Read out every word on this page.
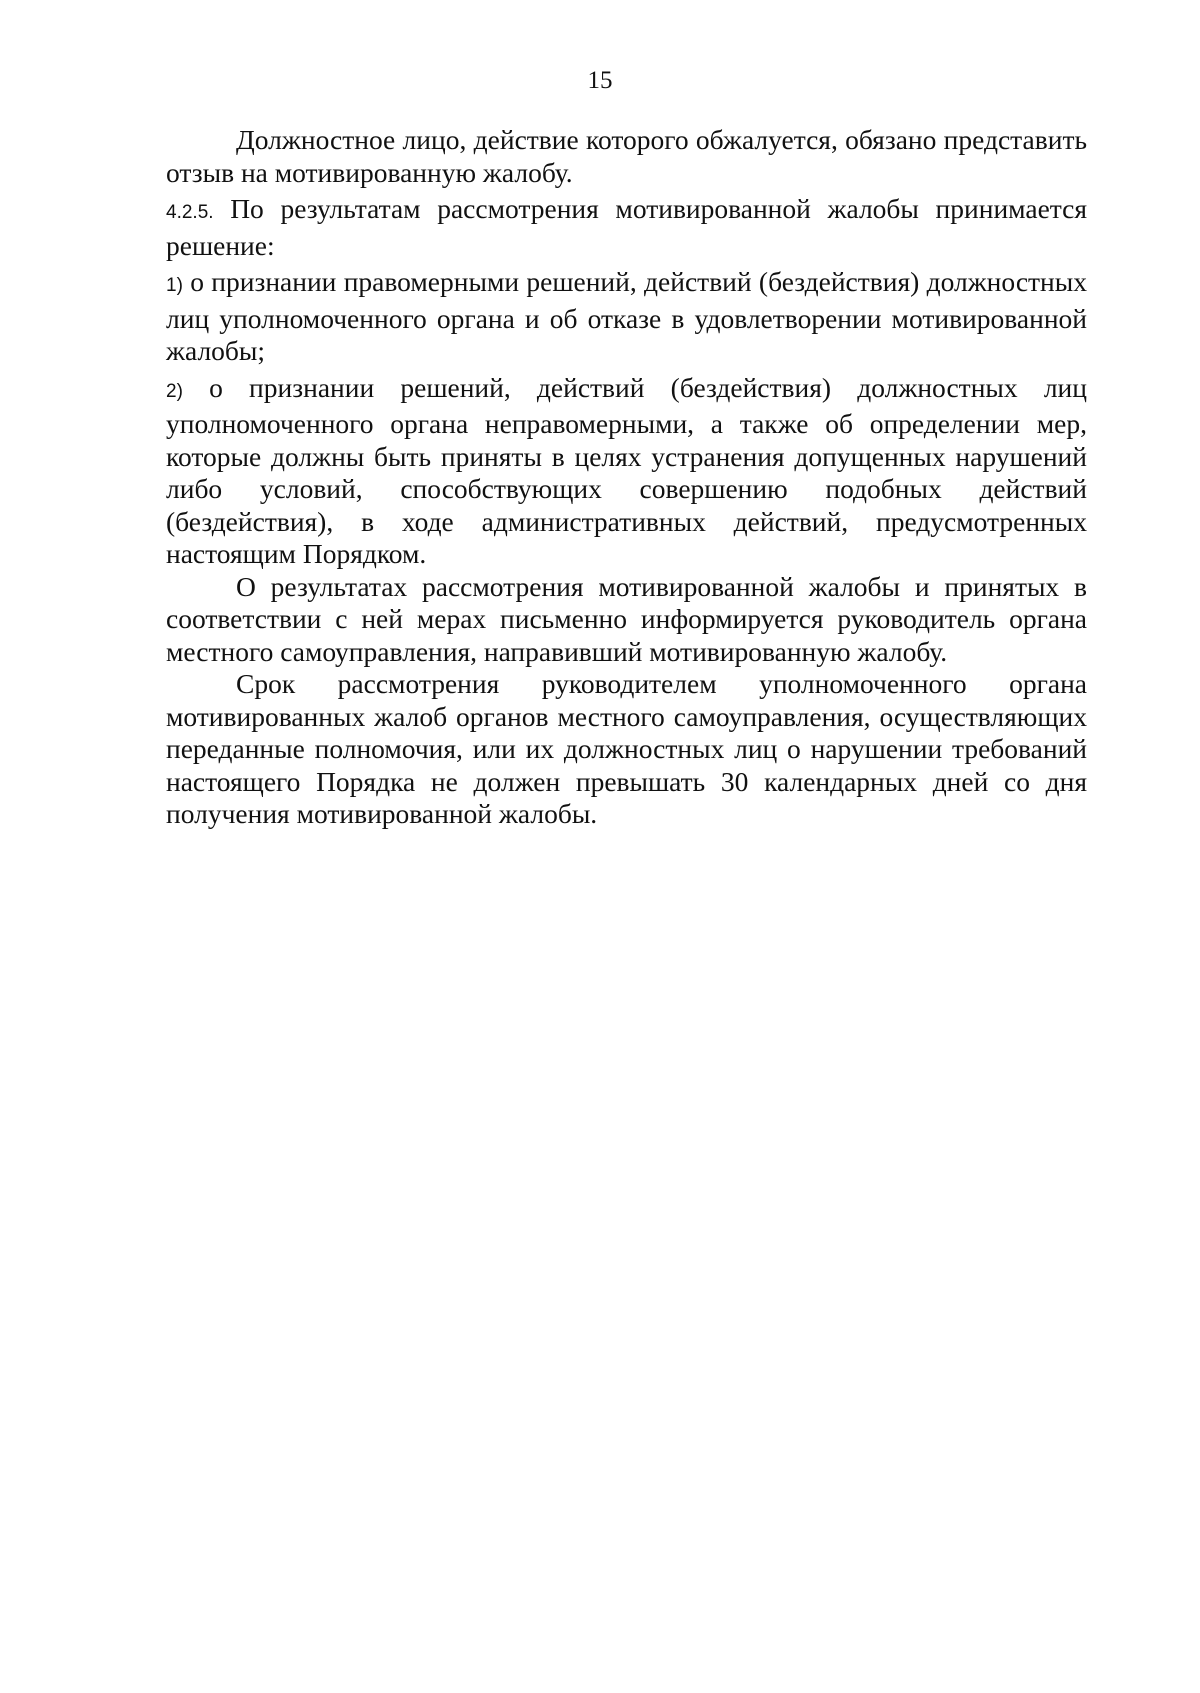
15

Должностное лицо, действие которого обжалуется, обязано представить отзыв на мотивированную жалобу.

4.2.5. По результатам рассмотрения мотивированной жалобы принимается решение:

1) о признании правомерными решений, действий (бездействия) должностных лиц уполномоченного органа и об отказе в удовлетворении мотивированной жалобы;

2) о признании решений, действий (бездействия) должностных лиц уполномоченного органа неправомерными, а также об определении мер, которые должны быть приняты в целях устранения допущенных нарушений либо условий, способствующих совершению подобных действий (бездействия), в ходе административных действий, предусмотренных настоящим Порядком.

О результатах рассмотрения мотивированной жалобы и принятых в соответствии с ней мерах письменно информируется руководитель органа местного самоуправления, направивший мотивированную жалобу.

Срок рассмотрения руководителем уполномоченного органа мотивированных жалоб органов местного самоуправления, осуществляющих переданные полномочия, или их должностных лиц о нарушении требований настоящего Порядка не должен превышать 30 календарных дней со дня получения мотивированной жалобы.
